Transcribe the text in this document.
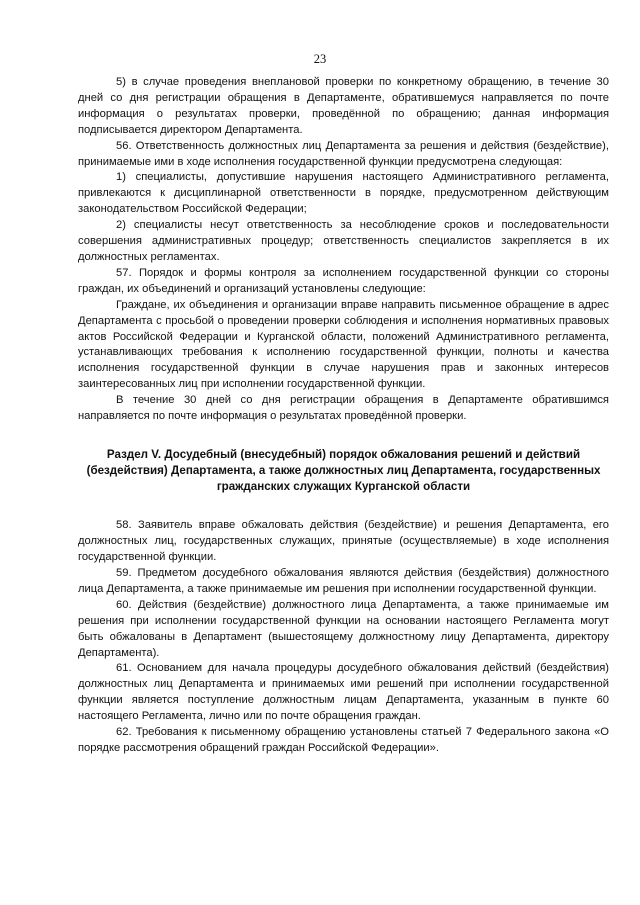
23

5) в случае проведения внеплановой проверки по конкретному обращению, в течение 30 дней со дня регистрации обращения в Департаменте, обратившемуся направляется по почте информация о результатах проверки, проведённой по обращению; данная информация подписывается директором Департамента.

56. Ответственность должностных лиц Департамента за решения и действия (бездействие), принимаемые ими в ходе исполнения государственной функции предусмотрена следующая:

1) специалисты, допустившие нарушения настоящего Административного регламента, привлекаются к дисциплинарной ответственности в порядке, предусмотренном действующим законодательством Российской Федерации;

2) специалисты несут ответственность за несоблюдение сроков и последовательности совершения административных процедур; ответственность специалистов закрепляется в их должностных регламентах.

57. Порядок и формы контроля за исполнением государственной функции со стороны граждан, их объединений и организаций установлены следующие:

Граждане, их объединения и организации вправе направить письменное обращение в адрес Департамента с просьбой о проведении проверки соблюдения и исполнения нормативных правовых актов Российской Федерации и Курганской области, положений Административного регламента, устанавливающих требования к исполнению государственной функции, полноты и качества исполнения государственной функции в случае нарушения прав и законных интересов заинтересованных лиц при исполнении государственной функции.

В течение 30 дней со дня регистрации обращения в Департаменте обратившимся направляется по почте информация о результатах проведённой проверки.

Раздел V. Досудебный (внесудебный) порядок обжалования решений и действий (бездействия) Департамента, а также должностных лиц Департамента, государственных гражданских служащих Курганской области

58. Заявитель вправе обжаловать действия (бездействие) и решения Департамента, его должностных лиц, государственных служащих, принятые (осуществляемые) в ходе исполнения государственной функции.

59. Предметом досудебного обжалования являются действия (бездействия) должностного лица Департамента, а также принимаемые им решения при исполнении государственной функции.

60. Действия (бездействие) должностного лица Департамента, а также принимаемые им решения при исполнении государственной функции на основании настоящего Регламента могут быть обжалованы в Департамент (вышестоящему должностному лицу Департамента, директору Департамента).

61. Основанием для начала процедуры досудебного обжалования действий (бездействия) должностных лиц Департамента и принимаемых ими решений при исполнении государственной функции является поступление должностным лицам Департамента, указанным в пункте 60 настоящего Регламента, лично или по почте обращения граждан.

62. Требования к письменному обращению установлены статьей 7 Федерального закона «О порядке рассмотрения обращений граждан Российской Федерации».
